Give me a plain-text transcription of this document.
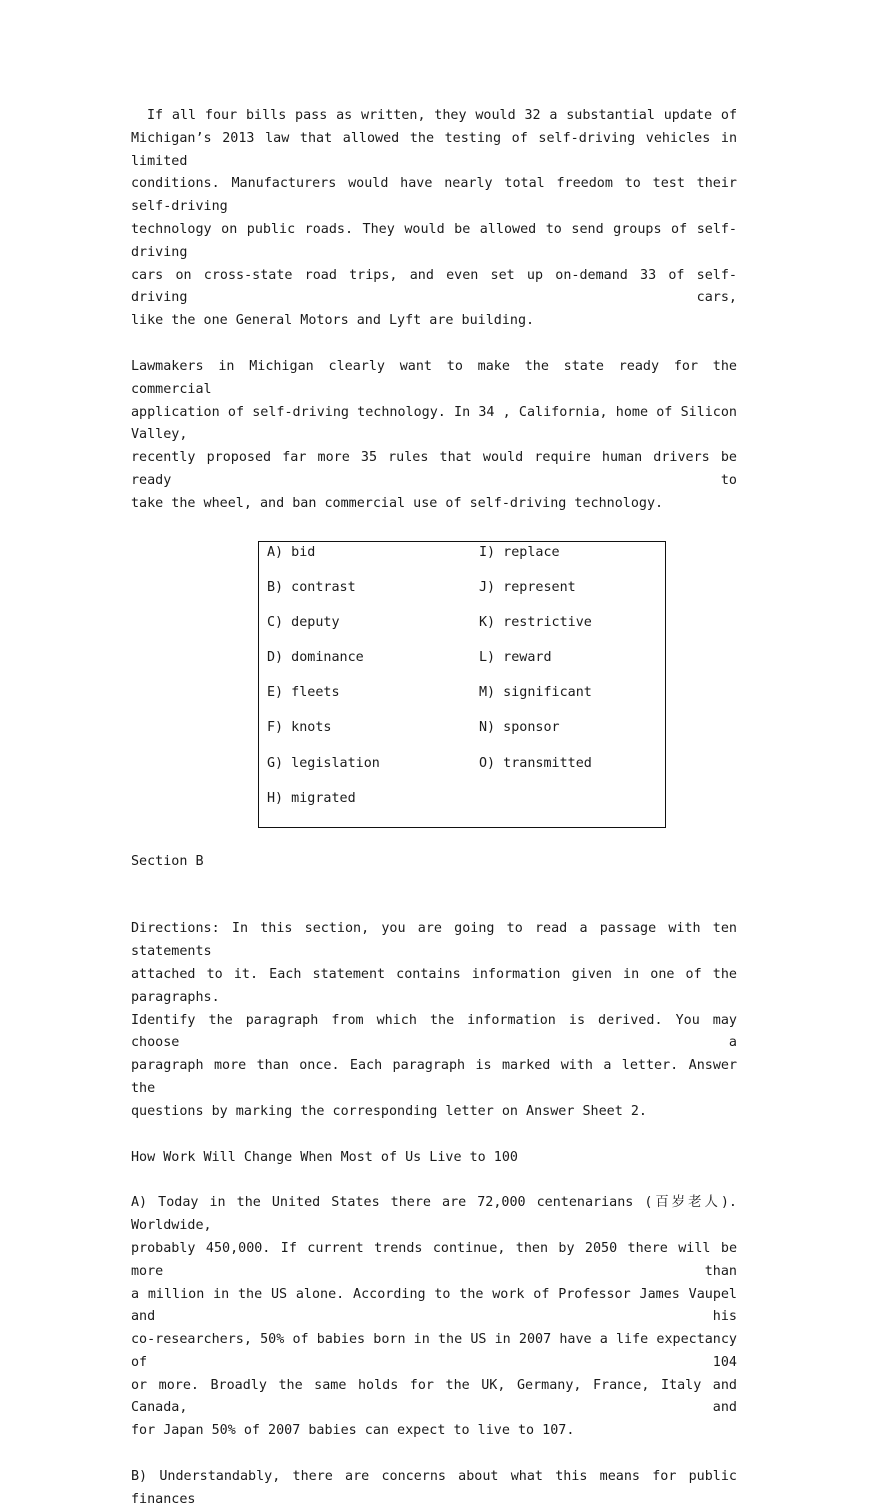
If all four bills pass as written, they would 32 a substantial update of
Michigan’s 2013 law that allowed the testing of self-driving vehicles in limited
conditions. Manufacturers would have nearly total freedom to test their self-driving
technology on public roads. They would be allowed to send groups of self-driving
cars on cross-state road trips, and even set up on-demand 33 of self-driving cars,
like the one General Motors and Lyft are building.
Lawmakers in Michigan clearly want to make the state ready for the commercial
application of self-driving technology. In 34 , California, home of Silicon Valley,
recently proposed far more 35 rules that would require human drivers be ready to
take the wheel, and ban commercial use of self-driving technology.
A) bid
B) contrast
C) deputy
D) dominance
E) fleets
F) knots
G) legislation
H) migrated
I) replace
J) represent
K) restrictive
L) reward
M) significant
N) sponsor
O) transmitted

Section B

Directions: In this section, you are going to read a passage with ten statements
attached to it. Each statement contains information given in one of the paragraphs.
Identify the paragraph from which the information is derived. You may choose a
paragraph more than once. Each paragraph is marked with a letter. Answer the
questions by marking the corresponding letter on Answer Sheet 2.

How Work Will Change When Most of Us Live to 100

A) Today in the United States there are 72,000 centenarians (百岁老人). Worldwide,
probably 450,000. If current trends continue, then by 2050 there will be more than
a million in the US alone. According to the work of Professor James Vaupel and his
co-researchers, 50% of babies born in the US in 2007 have a life expectancy of 104
or more. Broadly the same holds for the UK, Germany, France, Italy and Canada, and
for Japan 50% of 2007 babies can expect to live to 107.
B) Understandably, there are concerns about what this means for public finances
